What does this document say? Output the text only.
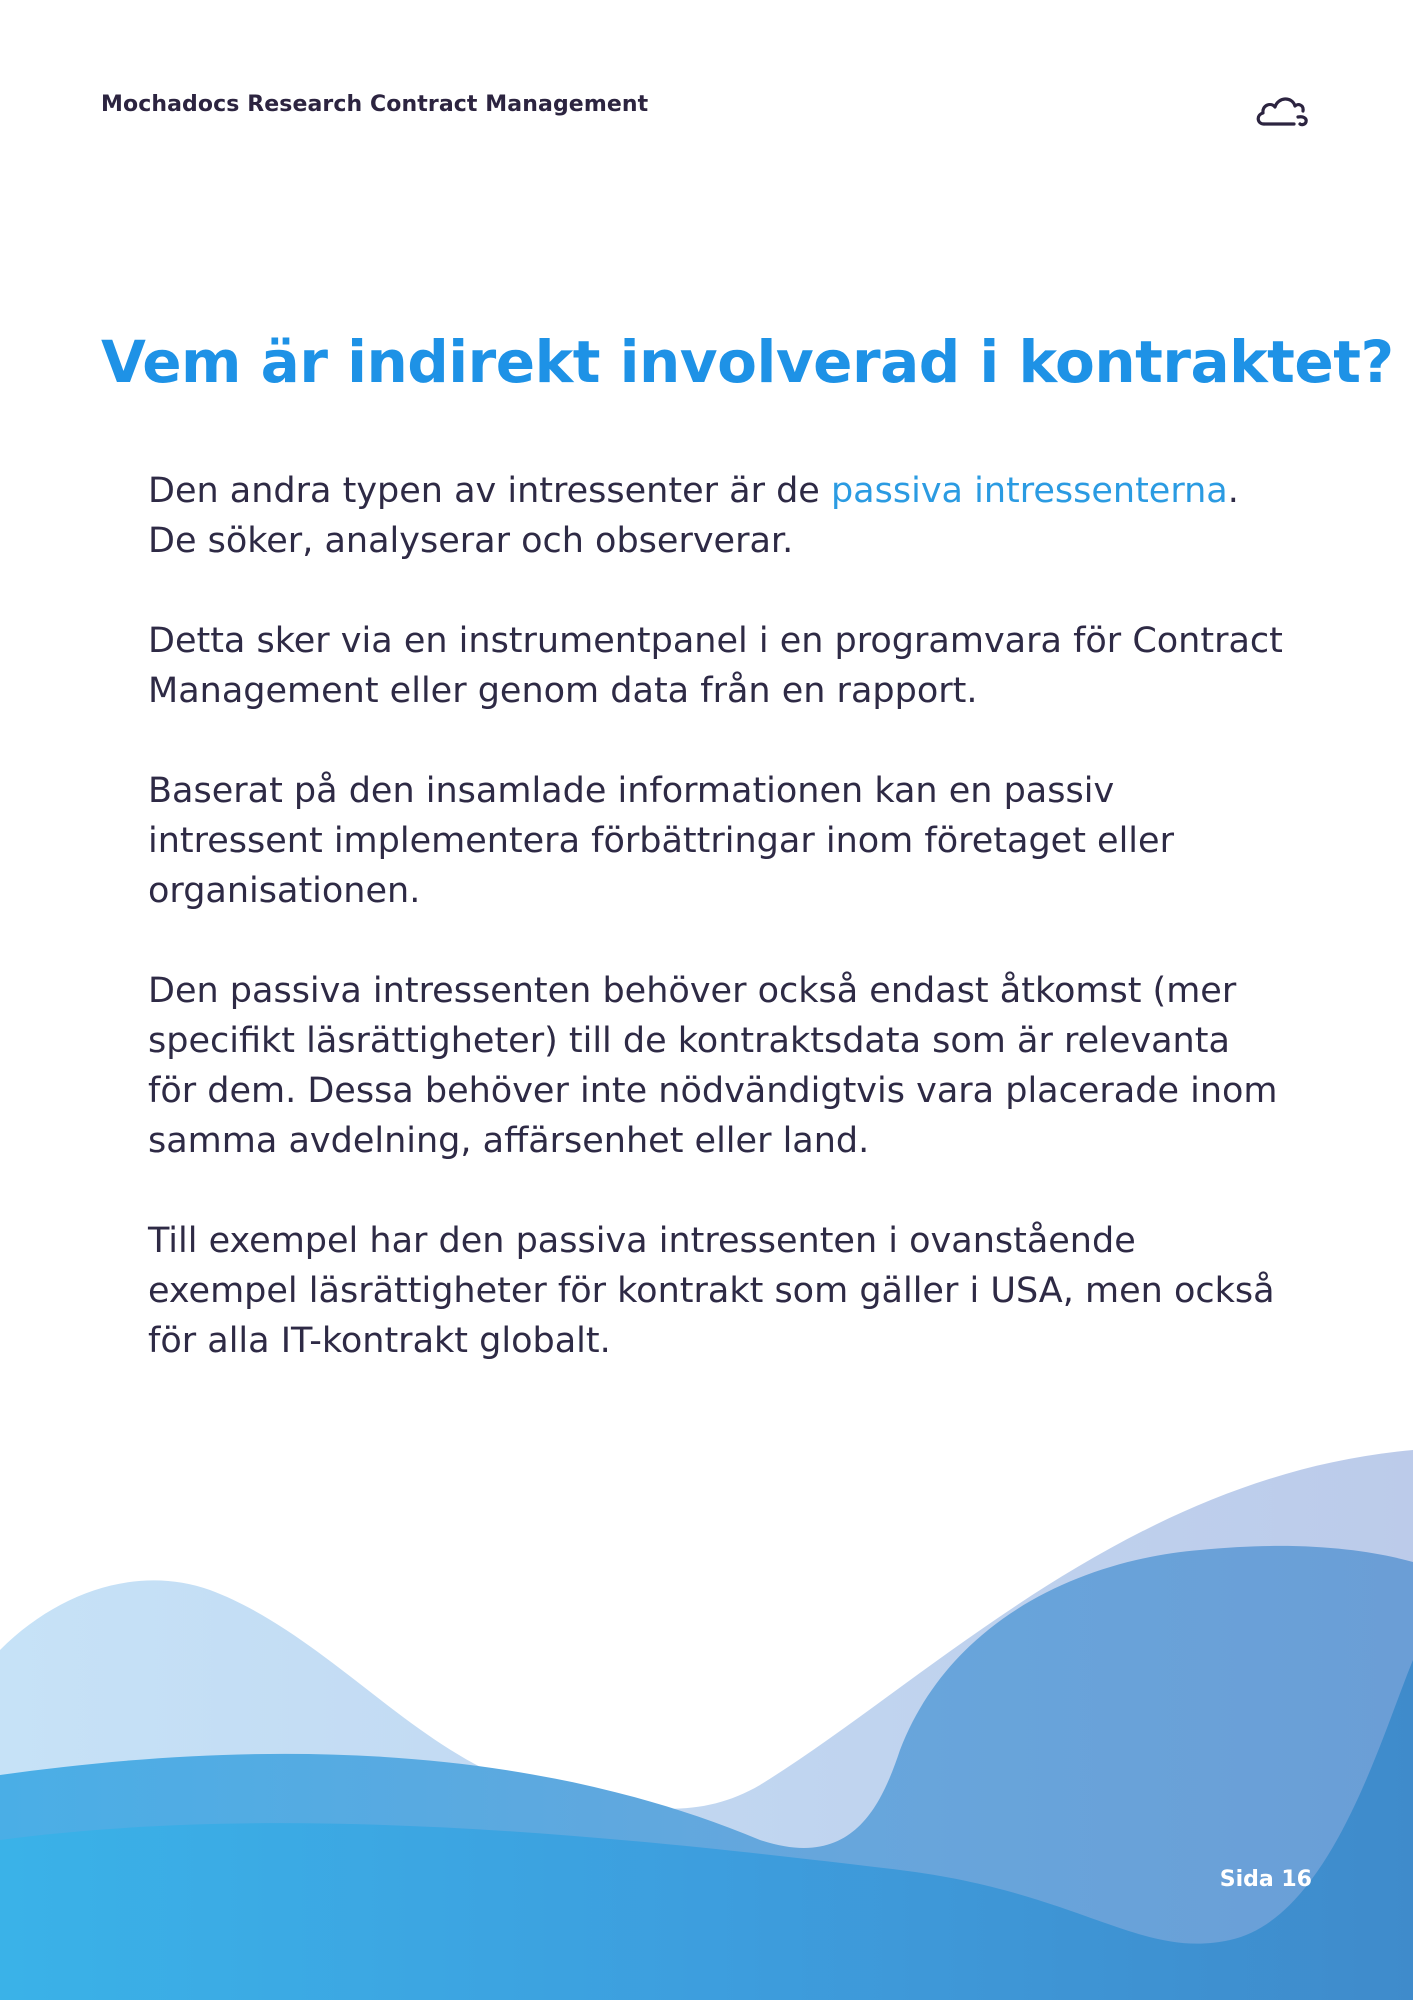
Mochadocs Research Contract Management
Vem är indirekt involverad i kontraktet?

Den andra typen av intressenter är de passiva intressenterna. De söker, analyserar och observerar.

Detta sker via en instrumentpanel i en programvara för Contract Management eller genom data från en rapport.

Baserat på den insamlade informationen kan en passiv intressent implementera förbättringar inom företaget eller organisationen.

Den passiva intressenten behöver också endast åtkomst (mer specifikt läsrättigheter) till de kontraktsdata som är relevanta för dem. Dessa behöver inte nödvändigtvis vara placerade inom samma avdelning, affärsenhet eller land.

Till exempel har den passiva intressenten i ovanstående exempel läsrättigheter för kontrakt som gäller i USA, men också för alla IT-kontrakt globalt.

Sida 16
